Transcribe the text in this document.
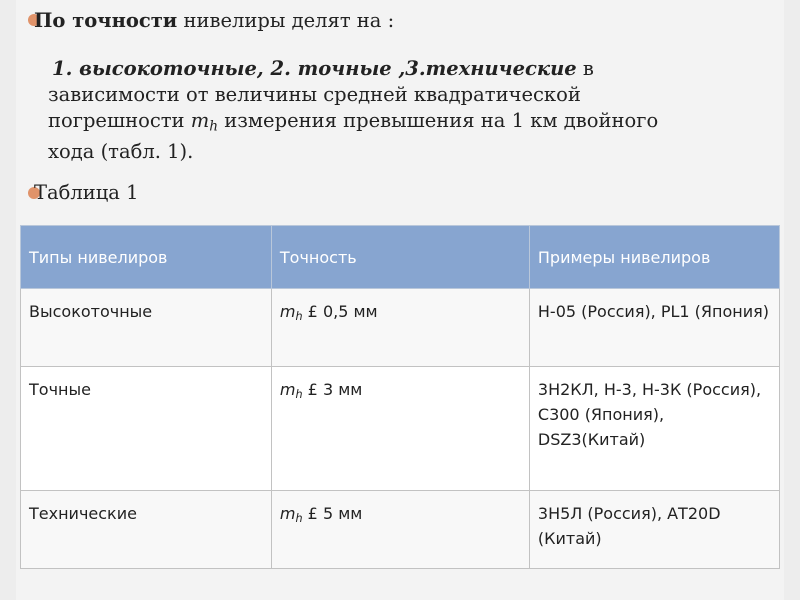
По точности нивелиры делят на :
1. высокоточные, 2. точные ,3.технические в
зависимости от величины средней квадратической
погрешности $m_h$ измерения превышения на 1 км двойного
хода (табл. 1).
Таблица 1
Типы нивелиров	Точность	Примеры нивелиров
Высокоточные	$m_h$ £ 0,5 мм	Н-05 (Россия), PL1 (Япония)
Точные	$m_h$ £ 3 мм	3Н2КЛ, Н-3, Н-3К (Россия), С300 (Япония), DSZ3(Китай)
Технические	$m_h$ £ 5 мм	3Н5Л (Россия), АТ20D (Китай)
